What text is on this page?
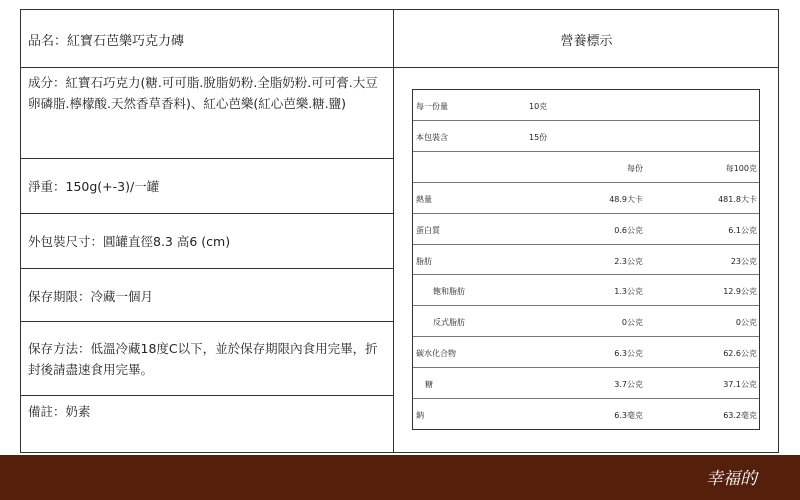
品名：紅寶石芭樂巧克力磚	營養標示
成分：紅寶石巧克力(糖.可可脂.脫脂奶粉.全脂奶粉.可可膏.大豆卵磷脂.檸檬酸.天然香草香料)、紅心芭樂(紅心芭樂.糖.鹽)
淨重：150g(+-3)/一罐
外包裝尺寸：圓罐直徑8.3 高6 (cm)
保存期限：冷藏一個月
保存方法：低溫冷藏18度C以下，並於保存期限內食用完畢，折封後請盡速食用完畢。
備註：奶素
每一份量	10克
本包裝含	15份
每份	每100克
熱量	48.9大卡	481.8大卡
蛋白質	0.6公克	6.1公克
脂肪	2.3公克	23公克
飽和脂肪	1.3公克	12.9公克
反式脂肪	0公克	0公克
碳水化合物	6.3公克	62.6公克
糖	3.7公克	37.1公克
鈉	6.3毫克	63.2毫克
幸福的
